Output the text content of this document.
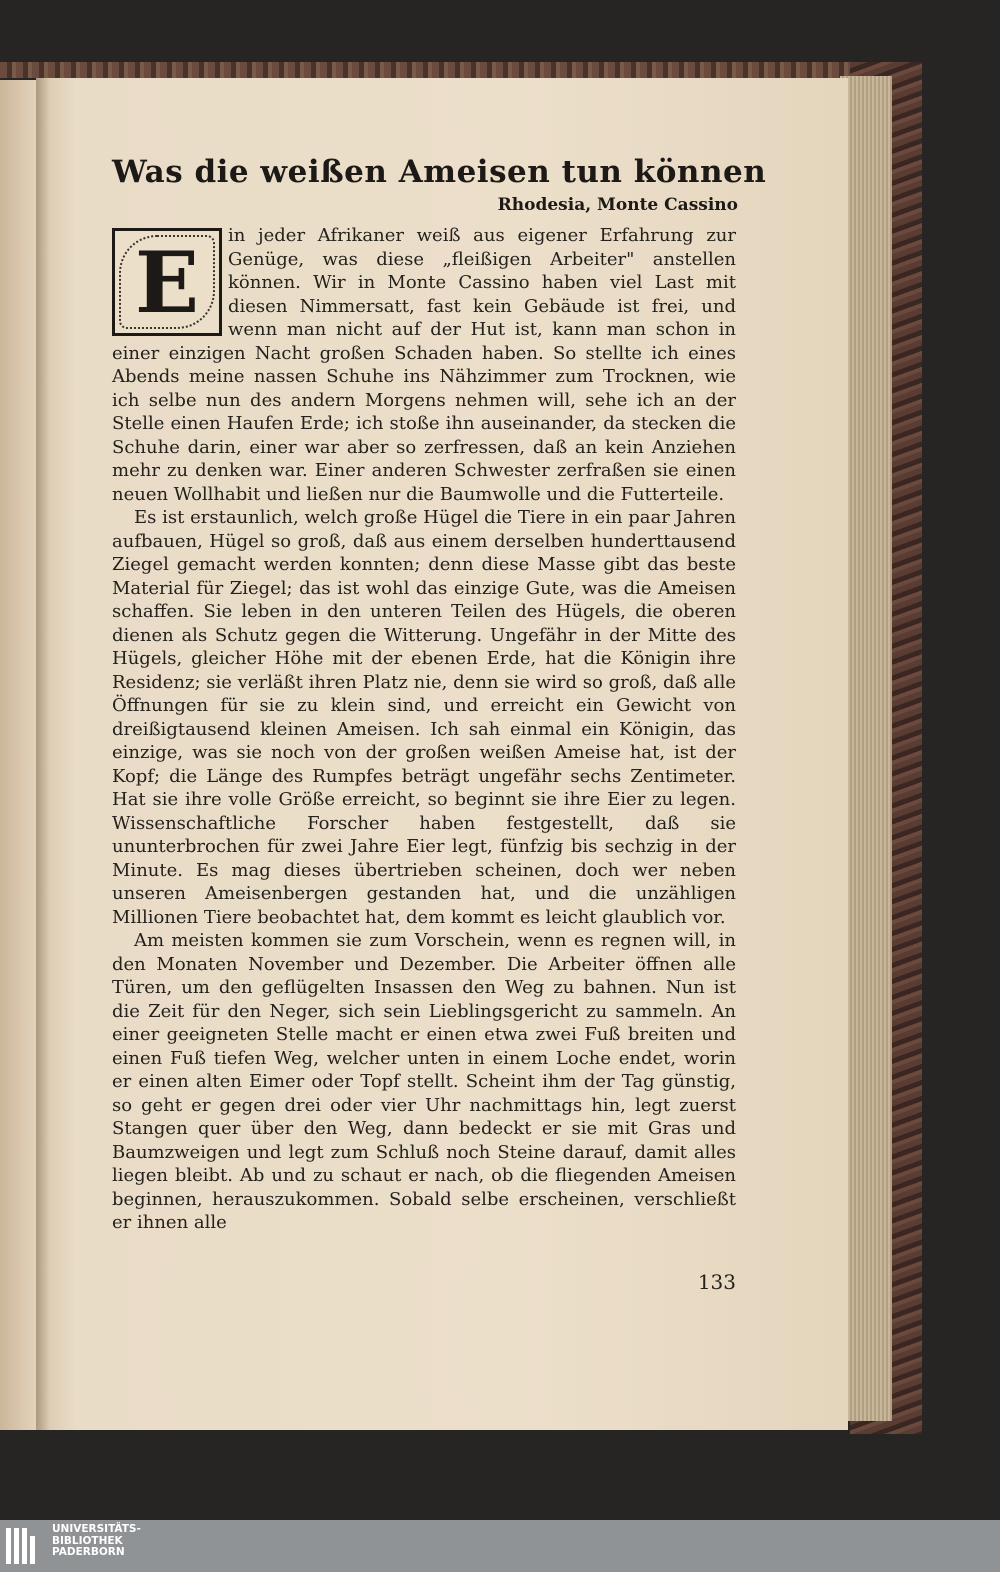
Was die weißen Ameisen tun können
Rhodesia, Monte Cassino
E	in jeder Afrikaner weiß aus eigener Erfahrung zur Genüge, was diese „fleißigen Arbeiter" anstellen können. Wir in Monte Cassino haben viel Last mit diesen Nimmersatt, fast kein Gebäude ist frei, und wenn man nicht auf der Hut ist, kann man schon in einer einzigen Nacht großen Schaden haben. So stellte ich eines Abends meine nassen Schuhe ins Nähzimmer zum Trocknen, wie ich selbe nun des andern Morgens nehmen will, sehe ich an der Stelle einen Haufen Erde; ich stoße ihn auseinander, da stecken die Schuhe darin, einer war aber so zerfressen, daß an kein Anziehen mehr zu denken war. Einer anderen Schwester zerfraßen sie einen neuen Wollhabit und ließen nur die Baumwolle und die Futterteile.

Es ist erstaunlich, welch große Hügel die Tiere in ein paar Jahren aufbauen, Hügel so groß, daß aus einem derselben hunderttausend Ziegel gemacht werden konnten; denn diese Masse gibt das beste Material für Ziegel; das ist wohl das einzige Gute, was die Ameisen schaffen. Sie leben in den unteren Teilen des Hügels, die oberen dienen als Schutz gegen die Witterung. Ungefähr in der Mitte des Hügels, gleicher Höhe mit der ebenen Erde, hat die Königin ihre Residenz; sie verläßt ihren Platz nie, denn sie wird so groß, daß alle Öffnungen für sie zu klein sind, und erreicht ein Gewicht von dreißigtausend kleinen Ameisen. Ich sah einmal ein Königin, das einzige, was sie noch von der großen weißen Ameise hat, ist der Kopf; die Länge des Rumpfes beträgt ungefähr sechs Zentimeter. Hat sie ihre volle Größe erreicht, so beginnt sie ihre Eier zu legen. Wissenschaftliche Forscher haben festgestellt, daß sie ununterbrochen für zwei Jahre Eier legt, fünfzig bis sechzig in der Minute. Es mag dieses übertrieben scheinen, doch wer neben unseren Ameisenbergen gestanden hat, und die unzähligen Millionen Tiere beobachtet hat, dem kommt es leicht glaublich vor.

Am meisten kommen sie zum Vorschein, wenn es regnen will, in den Monaten November und Dezember. Die Arbeiter öffnen alle Türen, um den geflügelten Insassen den Weg zu bahnen. Nun ist die Zeit für den Neger, sich sein Lieblingsgericht zu sammeln. An einer geeigneten Stelle macht er einen etwa zwei Fuß breiten und einen Fuß tiefen Weg, welcher unten in einem Loche endet, worin er einen alten Eimer oder Topf stellt. Scheint ihm der Tag günstig, so geht er gegen drei oder vier Uhr nachmittags hin, legt zuerst Stangen quer über den Weg, dann bedeckt er sie mit Gras und Baumzweigen und legt zum Schluß noch Steine darauf, damit alles liegen bleibt. Ab und zu schaut er nach, ob die fliegenden Ameisen beginnen, herauszukommen. Sobald selbe erscheinen, verschließt er ihnen alle

133
UNIVERSITÄTS-
BIBLIOTHEK
PADERBORN
